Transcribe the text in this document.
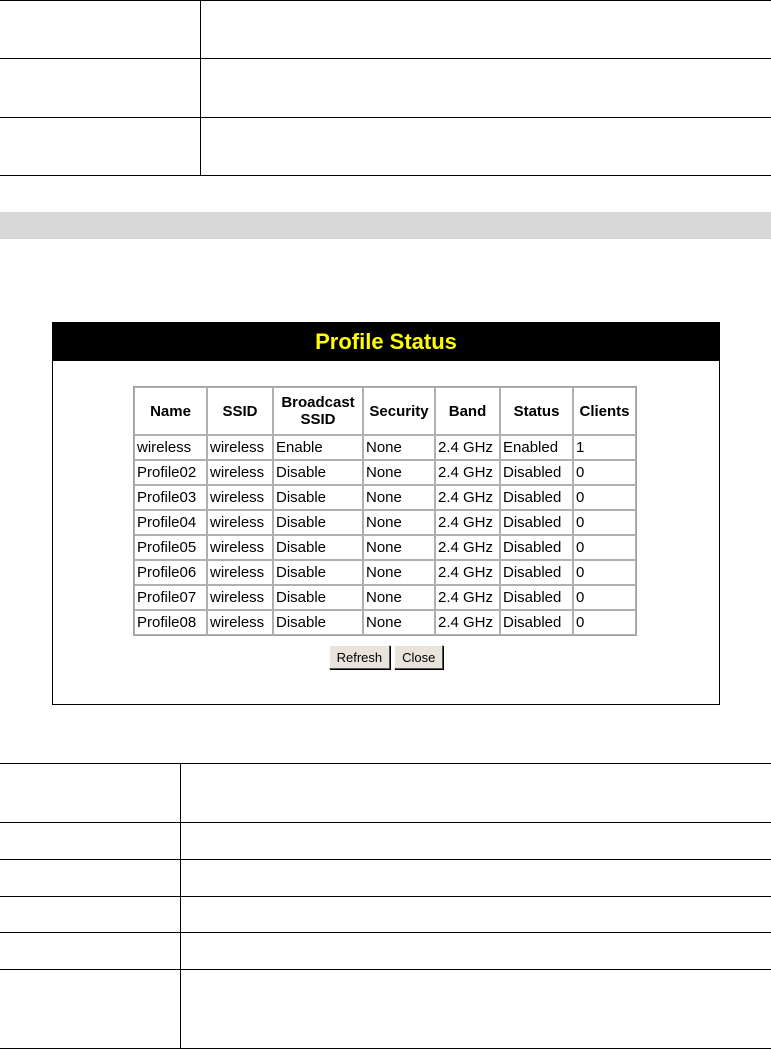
Profile Status
Name	SSID	Broadcast SSID	Security	Band	Status	Clients
wireless	wireless	Enable	None	2.4 GHz	Enabled	1
Profile02	wireless	Disable	None	2.4 GHz	Disabled	0
Profile03	wireless	Disable	None	2.4 GHz	Disabled	0
Profile04	wireless	Disable	None	2.4 GHz	Disabled	0
Profile05	wireless	Disable	None	2.4 GHz	Disabled	0
Profile06	wireless	Disable	None	2.4 GHz	Disabled	0
Profile07	wireless	Disable	None	2.4 GHz	Disabled	0
Profile08	wireless	Disable	None	2.4 GHz	Disabled	0
Refresh	Close
